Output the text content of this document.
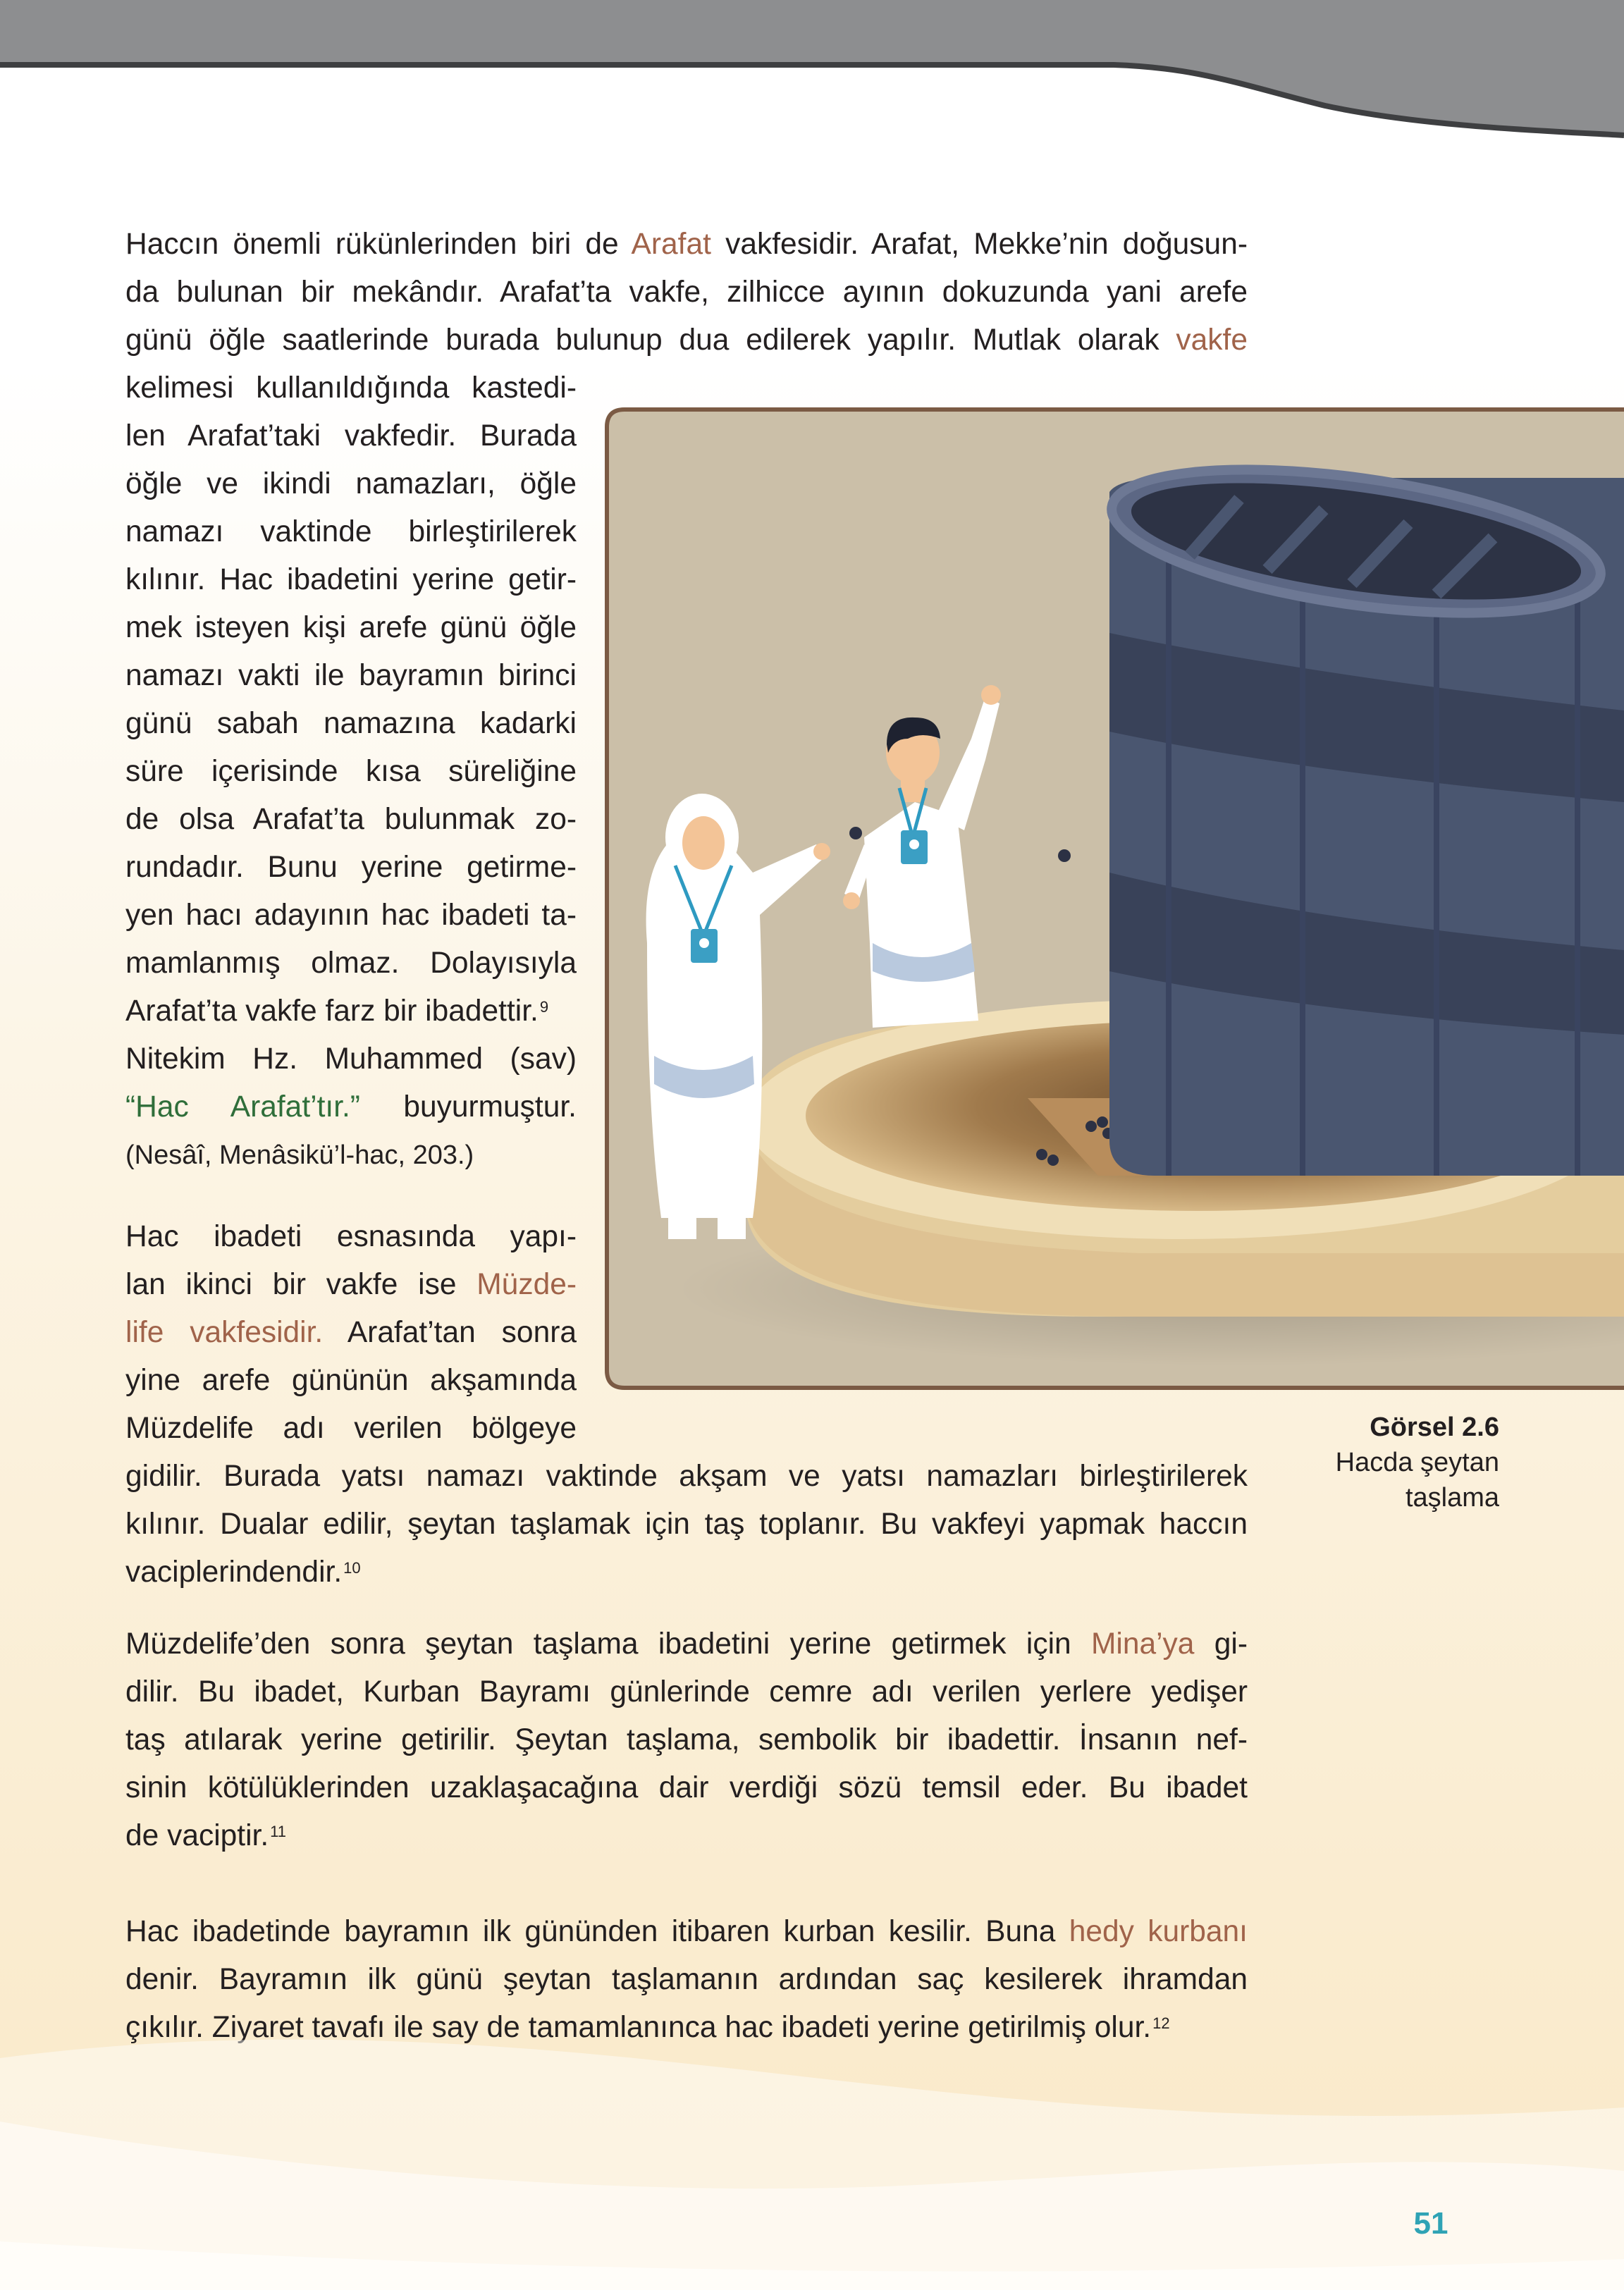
Haccın önemli rükünlerinden biri de Arafat vakfesidir. Arafat, Mekke’nin doğusun-
da bulunan bir mekândır. Arafat’ta vakfe, zilhicce ayının dokuzunda yani arefe
günü öğle saatlerinde burada bulunup dua edilerek yapılır. Mutlak olarak vakfe

kelimesi kullanıldığında kastedi-
len Arafat’taki vakfedir. Burada
öğle ve ikindi namazları, öğle
namazı vaktinde birleştirilerek
kılınır. Hac ibadetini yerine getir-
mek isteyen kişi arefe günü öğle
namazı vakti ile bayramın birinci
günü sabah namazına kadarki
süre içerisinde kısa süreliğine
de olsa Arafat’ta bulunmak zo-
rundadır. Bunu yerine getirme-
yen hacı adayının hac ibadeti ta-
mamlanmış olmaz. Dolayısıyla
Arafat’ta vakfe farz bir ibadettir.$^9$
Nitekim Hz. Muhammed (sav)
“Hac Arafat’tır.” buyurmuştur.
(Nesâî, Menâsikü’l-hac, 203.)

Hac ibadeti esnasında yapı-
lan ikinci bir vakfe ise Müzde-
life vakfesidir. Arafat’tan sonra
yine arefe gününün akşamında
Müzdelife adı verilen bölgeye

gidilir. Burada yatsı namazı vaktinde akşam ve yatsı namazları birleştirilerek
kılınır. Dualar edilir, şeytan taşlamak için taş toplanır. Bu vakfeyi yapmak haccın
vaciplerindendir.$^{10}$

Müzdelife’den sonra şeytan taşlama ibadetini yerine getirmek için Mina’ya gi-
dilir. Bu ibadet, Kurban Bayramı günlerinde cemre adı verilen yerlere yedişer
taş atılarak yerine getirilir. Şeytan taşlama, sembolik bir ibadettir. İnsanın nef-
sinin kötülüklerinden uzaklaşacağına dair verdiği sözü temsil eder. Bu ibadet
de vaciptir.$^{11}$

Hac ibadetinde bayramın ilk gününden itibaren kurban kesilir. Buna hedy kurbanı
denir. Bayramın ilk günü şeytan taşlamanın ardından saç kesilerek ihramdan
çıkılır. Ziyaret tavafı ile say de tamamlanınca hac ibadeti yerine getirilmiş olur.$^{12}$

Görsel 2.6
Hacda şeytan taşlama
51
